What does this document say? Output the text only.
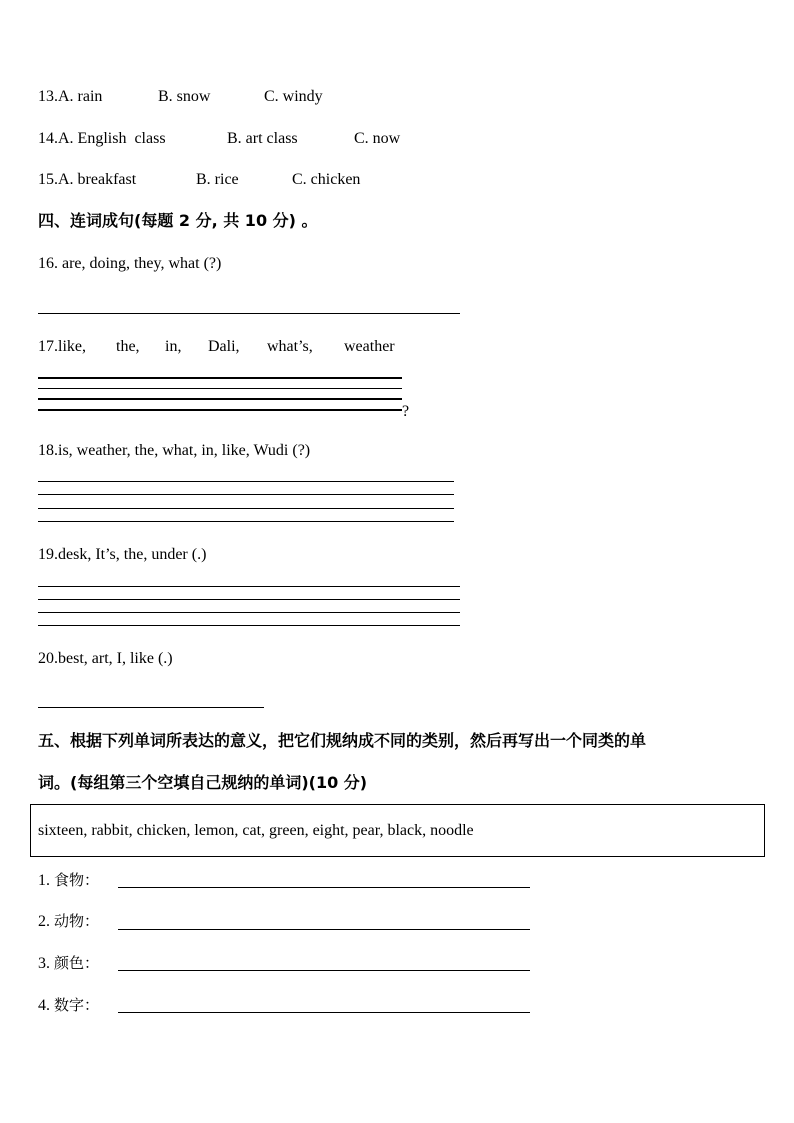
13.A. rain	B. snow	C. windy
14.A. English  class	B. art class	C. now
15.A. breakfast	B. rice	C. chicken
四、连词成句(每题 2 分, 共 10 分) 。
16. are, doing, they, what (?)
17.like, the, in, Dali, what’s, weather
?
18.is, weather, the, what, in, like, Wudi (?)
19.desk, It’s, the, under (.)
20.best, art, I, like (.)
五、根据下列单词所表达的意义，把它们规纳成不同的类别，然后再写出一个同类的单
词。(每组第三个空填自己规纳的单词)(10 分)
sixteen, rabbit, chicken, lemon, cat, green, eight, pear, black, noodle
1. 食物：
2. 动物：
3. 颜色：
4. 数字：
